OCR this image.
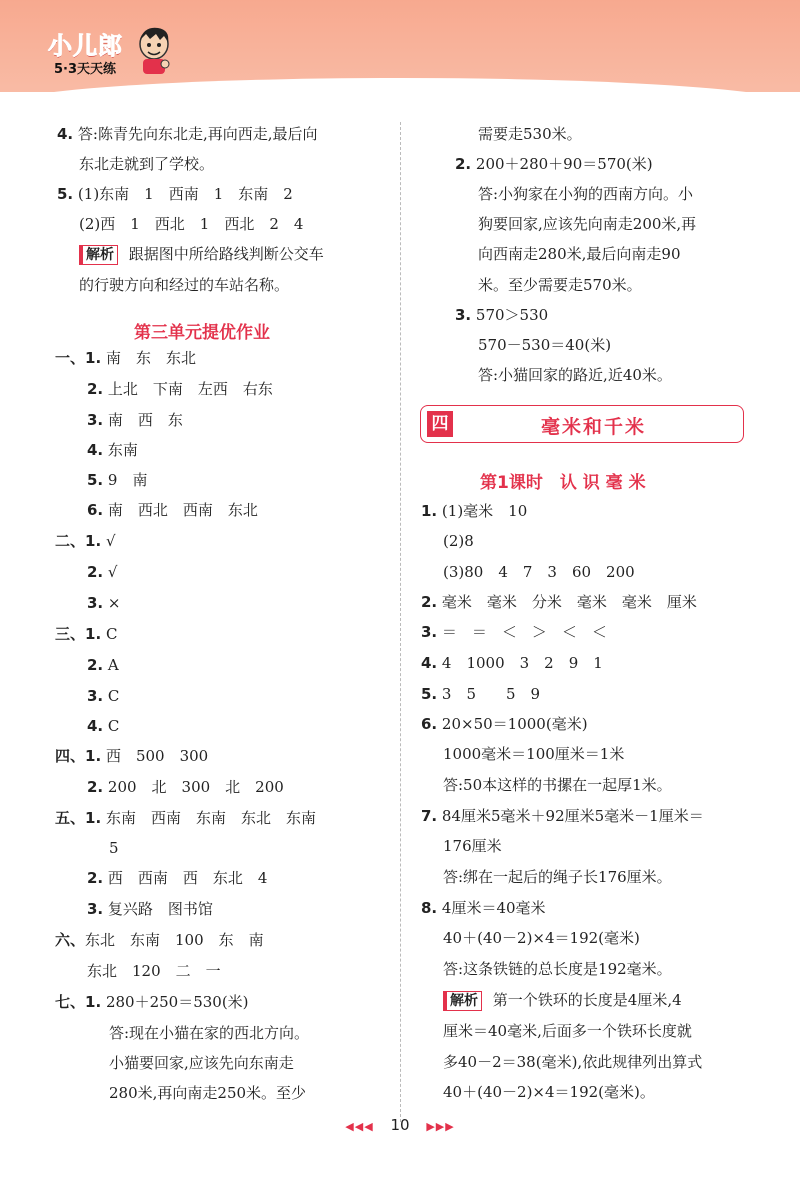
小儿郎
5·3天天练
4. 答:陈青先向东北走,再向西走,最后向
东北走就到了学校。
5. (1)东南　1　西南　1　东南　2
(2)西　1　西北　1　西北　2　4
解析 跟据图中所给路线判断公交车
的行驶方向和经过的车站名称。
第三单元提优作业
一、1. 南　东　东北
2. 上北　下南　左西　右东
3. 南　西　东
4. 东南
5. 9　南
6. 南　西北　西南　东北
二、1. √
2. √
3. ×
三、1. C
2. A
3. C
4. C
四、1. 西　500　300
2. 200　北　300　北　200
五、1. 东南　西南　东南　东北　东南
5
2. 西　西南　西　东北　4
3. 复兴路　图书馆
六、东北　东南　100　东　南
东北　120　二　一
七、1. 280＋250＝530(米)
答:现在小猫在家的西北方向。
小猫要回家,应该先向东南走
280米,再向南走250米。至少
需要走530米。
2. 200＋280＋90＝570(米)
答:小狗家在小狗的西南方向。小
狗要回家,应该先向南走200米,再
向西南走280米,最后向南走90
米。至少需要走570米。
3. 570＞530
570－530＝40(米)
答:小猫回家的路近,近40米。
四	毫米和千米
第1课时　认 识 毫 米
1. (1)毫米　10
(2)8
(3)80　4　7　3　60　200
2. 毫米　毫米　分米　毫米　毫米　厘米
3. ＝　＝　＜　＞　＜　＜
4. 4　1000　3　2　9　1
5. 3　5　　5　9
6. 20×50＝1000(毫米)
1000毫米＝100厘米＝1米
答:50本这样的书摞在一起厚1米。
7. 84厘米5毫米＋92厘米5毫米－1厘米＝
176厘米
答:绑在一起后的绳子长176厘米。
8. 4厘米＝40毫米
40＋(40－2)×4＝192(毫米)
答:这条铁链的总长度是192毫米。
解析 第一个铁环的长度是4厘米,4
厘米＝40毫米,后面多一个铁环长度就
多40－2＝38(毫米),依此规律列出算式
40＋(40－2)×4＝192(毫米)。
◀◀◀ 10 ▶▶▶
